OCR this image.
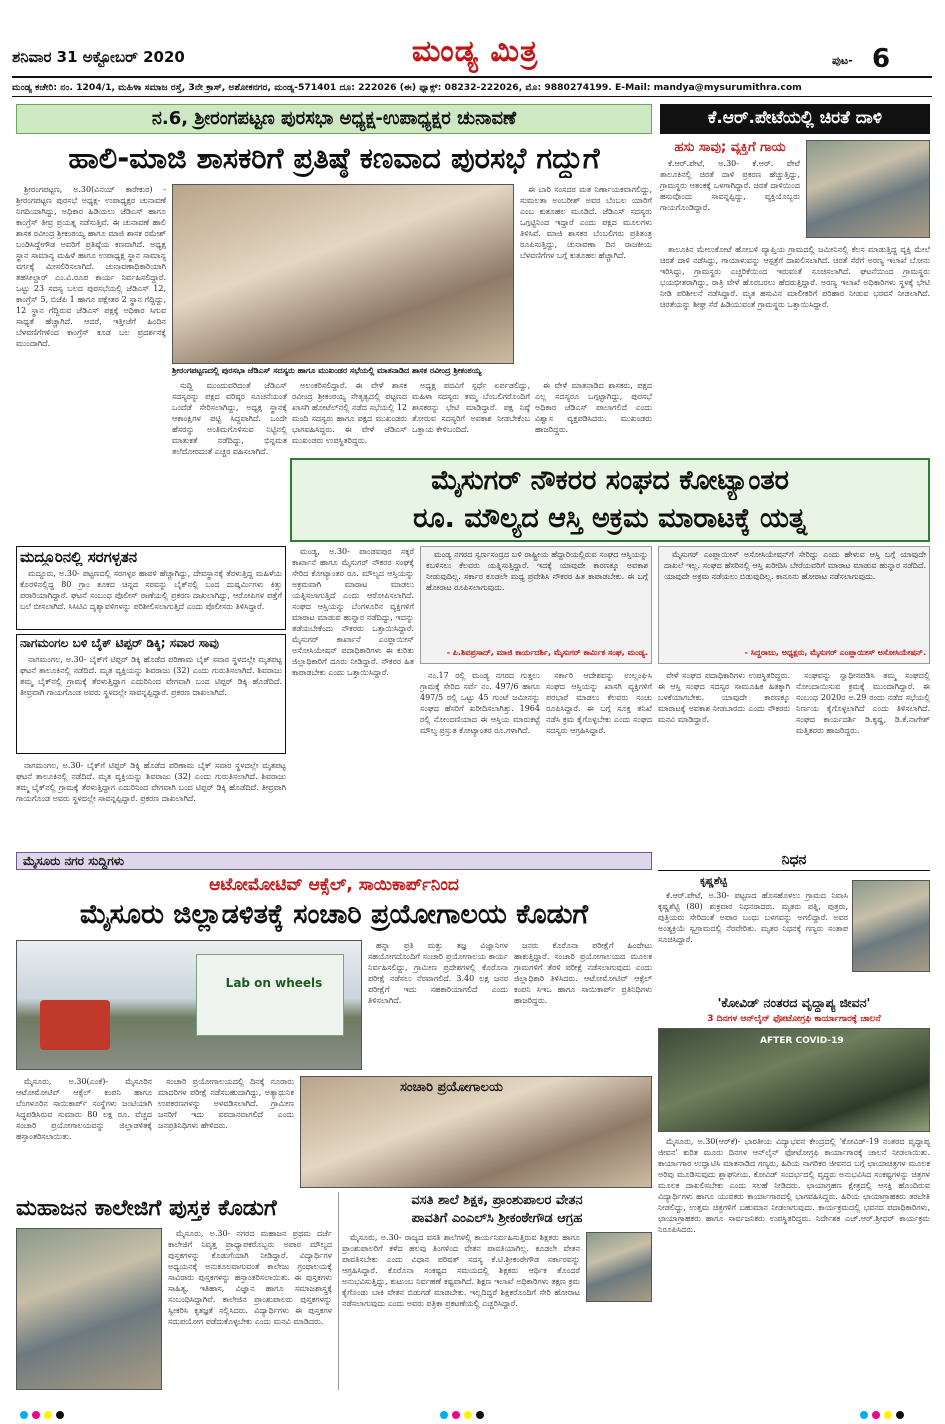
ಶನಿವಾರ 31 ಅಕ್ಟೋಬರ್ 2020	ಮಂಡ್ಯ ಮಿತ್ರ	ಪುಟ- 6
ಮಂಡ್ಯ ಕಚೇರಿ: ನಂ. 1204/1, ಮಹಿಳಾ ಸಮಾಜ ರಸ್ತೆ, 3ನೇ ಕ್ರಾಸ್, ಅಶೋಕನಗರ, ಮಂಡ್ಯ-571401 ದೂ: 222026 (ಈ) ಫ್ಯಾಕ್ಸ್: 08232-222026, ಮೊ: 9880274199. E-Mail: mandya@mysurumithra.com
ನ.6, ಶ್ರೀರಂಗಪಟ್ಟಣ ಪುರಸಭಾ ಅಧ್ಯಕ್ಷ-ಉಪಾಧ್ಯಕ್ಷರ ಚುನಾವಣೆ
ಹಾಲಿ-ಮಾಜಿ ಶಾಸಕರಿಗೆ ಪ್ರತಿಷ್ಠೆ ಕಣವಾದ ಪುರಸಭೆ ಗದ್ದುಗೆ

ಶ್ರೀರಂಗಪಟ್ಟಣ, ಅ.30(ವಿನಯ್ ಕಾರೇಕುರ) - ಶ್ರೀರಂಗಪಟ್ಟಣ ಪುರಸಭೆ ಅಧ್ಯಕ್ಷ- ಉಪಾಧ್ಯಕ್ಷರ ಚುನಾವಣೆ ನಿಗದಿಯಾಗಿದ್ದು, ಅಧಿಕಾರ ಹಿಡಿಯಲು ಜೆಡಿಎಸ್ ಹಾಗೂ ಕಾಂಗ್ರೆಸ್ ತೀವ್ರ ಪ್ರಯತ್ನ ನಡೆಸುತ್ತಿವೆ. ಈ ಚುನಾವಣೆ ಹಾಲಿ ಶಾಸಕ ರವೀಂದ್ರ ಶ್ರೀಕಂಠಯ್ಯ ಹಾಗೂ ಮಾಜಿ ಶಾಸಕ ರಮೇಶ್ ಬಂಡಿಸಿದ್ದೇಗೌಡ ಅವರಿಗೆ ಪ್ರತಿಷ್ಠೆಯ ಕಣವಾಗಿದೆ. ಅಧ್ಯಕ್ಷ ಸ್ಥಾನ ಸಾಮಾನ್ಯ ಮಹಿಳೆ ಹಾಗೂ ಉಪಾಧ್ಯಕ್ಷ ಸ್ಥಾನ ಸಾಮಾನ್ಯ ವರ್ಗಕ್ಕೆ ಮೀಸಲಿರಿಸಲಾಗಿದೆ. ಚುನಾವಣಾಧಿಕಾರಿಯಾಗಿ ತಹಸೀಲ್ದಾರ್ ಎಂ.ವಿ.ರೂಪ ಕಾರ್ಯ ನಿರ್ವಹಿಸಲಿದ್ದಾರೆ. ಒಟ್ಟು 23 ಸದಸ್ಯ ಬಲದ ಪುರಸಭೆಯಲ್ಲಿ ಜೆಡಿಎಸ್ 12, ಕಾಂಗ್ರೆಸ್ 5, ಬಿಜೆಪಿ 1 ಹಾಗೂ ಪಕ್ಷೇತರ 2 ಸ್ಥಾನ ಗೆದ್ದಿದ್ದು, 12 ಸ್ಥಾನ ಗೆದ್ದಿರುವ ಜೆಡಿಎಸ್ ಪಕ್ಷಕ್ಕೆ ಅಧಿಕಾರ ಸಿಗುವ ಸಾಧ್ಯತೆ ಹೆಚ್ಚಾಗಿದೆ. ಆದರೆ, ಇತ್ತೀಚೆಗೆ ಹಿಂದಿನ ಬೆಳವಣಿಗೆಗಳಿಂದ ಕಾಂಗ್ರೆಸ್ ಕೂಡ ಬಲ ಪ್ರದರ್ಶನಕ್ಕೆ ಮುಂದಾಗಿದೆ.

ಶ್ರೀರಂಗಪಟ್ಟಣದಲ್ಲಿ ಪುರಸಭಾ ಜೆಡಿಎಸ್ ಸದಸ್ಯರು ಹಾಗೂ ಮುಖಂಡರ ಸಭೆಯಲ್ಲಿ ಮಾತನಾಡಿದ ಶಾಸಕ ರವೀಂದ್ರ ಶ್ರೀಕಂಠಯ್ಯ

ಈ ಬಾರಿ ಸಂಸದರ ಮತ ನಿರ್ಣಾಯಕವಾಗಲಿದ್ದು, ಸುಮಲತಾ ಅಂಬರೀಶ್ ಅವರ ಬೆಂಬಲ ಯಾರಿಗೆ ಎಂಬ ಕುತೂಹಲ ಮೂಡಿದೆ. ಜೆಡಿಎಸ್ ಸದಸ್ಯರು ಒಗ್ಗಟ್ಟಿನಿಂದ ಇದ್ದಾರೆ ಎಂದು ಪಕ್ಷದ ಮೂಲಗಳು ತಿಳಿಸಿವೆ. ಮಾಜಿ ಶಾಸಕರ ಬೆಂಬಲಿಗರು ಪ್ರತಿತಂತ್ರ ರೂಪಿಸುತ್ತಿದ್ದು, ಚುನಾವಣಾ ದಿನ ರಾಜಕೀಯ ಬೆಳವಣಿಗೆಗಳ ಬಗ್ಗೆ ಕುತೂಹಲ ಹೆಚ್ಚಾಗಿದೆ.

ಸುದ್ದಿ ಮುಂದುವರಿದಂತೆ ಜೆಡಿಎಸ್ ಸದಸ್ಯರನ್ನು ಪಕ್ಷದ ವರಿಷ್ಠರ ಸೂಚನೆಯಂತೆ ಒಂದೆಡೆ ಸೇರಿಸಲಾಗಿದ್ದು, ಅಧ್ಯಕ್ಷ ಸ್ಥಾನಕ್ಕೆ ಆಕಾಂಕ್ಷಿಗಳ ಪಟ್ಟಿ ಸಿದ್ಧವಾಗಿದೆ. ಒಂದೇ ಹೆಸರನ್ನು ಅಂತಿಮಗೊಳಿಸುವ ನಿಟ್ಟಿನಲ್ಲಿ ಮಾತುಕತೆ ನಡೆದಿದ್ದು, ಭಿನ್ನಮತ ತಲೆದೋರದಂತೆ ಎಚ್ಚರ ವಹಿಸಲಾಗಿದೆ.

ಅಲಂಕರಿಸಲಿದ್ದಾರೆ. ಈ ವೇಳೆ ಶಾಸಕ ರವೀಂದ್ರ ಶ್ರೀಕಂಠಯ್ಯ ನೇತೃತ್ವದಲ್ಲಿ ಪಟ್ಟಣದ ಖಾಸಗಿ ಹೋಟೆಲ್‌ನಲ್ಲಿ ನಡೆದ ಸಭೆಯಲ್ಲಿ 12 ಮಂದಿ ಸದಸ್ಯರು ಹಾಗೂ ಪಕ್ಷದ ಮುಖಂಡರು ಭಾಗವಹಿಸಿದ್ದರು. ಈ ವೇಳೆ ಜೆಡಿಎಸ್ ಮುಖಂಡರು ಉಪಸ್ಥಿತರಿದ್ದರು.

ಅಧ್ಯಕ್ಷ ಪದವಿಗೆ ಸ್ಪರ್ಧೆ ಏರ್ಪಡಲಿದ್ದು, ಮಹಿಳಾ ಸದಸ್ಯರು ತಮ್ಮ ಬೆಂಬಲಿಗರೊಂದಿಗೆ ಶಾಸಕರನ್ನು ಭೇಟಿ ಮಾಡಿದ್ದಾರೆ. ಪಕ್ಷ ನಿಷ್ಠೆ ತೋರುವ ಸದಸ್ಯರಿಗೆ ಅವಕಾಶ ನೀಡಬೇಕೆಂಬ ಒತ್ತಾಯ ಕೇಳಿಬಂದಿದೆ.

ಈ ವೇಳೆ ಮಾತನಾಡಿದ ಶಾಸಕರು, ಪಕ್ಷದ ಎಲ್ಲ ಸದಸ್ಯರೂ ಒಗ್ಗಟ್ಟಾಗಿದ್ದು, ಪುರಸಭೆ ಅಧಿಕಾರ ಜೆಡಿಎಸ್ ಪಾಲಾಗಲಿದೆ ಎಂದು ವಿಶ್ವಾಸ ವ್ಯಕ್ತಪಡಿಸಿದರು. ಮುಖಂಡರು ಹಾಜರಿದ್ದರು.

ಕೆ.ಆರ್.ಪೇಟೆಯಲ್ಲಿ ಚಿರತೆ ದಾಳಿ
ಹಸು ಸಾವು; ವ್ಯಕ್ತಿಗೆ ಗಾಯ

ಕೆ.ಆರ್.ಪೇಟೆ, ಅ.30- ಕೆ.ಆರ್. ಪೇಟೆ ತಾಲೂಕಿನಲ್ಲಿ ಚಿರತೆ ದಾಳಿ ಪ್ರಕರಣ ಹೆಚ್ಚುತ್ತಿದ್ದು, ಗ್ರಾಮಸ್ಥರು ಆತಂಕಕ್ಕೆ ಒಳಗಾಗಿದ್ದಾರೆ. ಚಿರತೆ ದಾಳಿಯಿಂದ ಹಸುವೊಂದು ಸಾವನ್ನಪ್ಪಿದ್ದು, ವ್ಯಕ್ತಿಯೊಬ್ಬರು ಗಾಯಗೊಂಡಿದ್ದಾರೆ.

ತಾಲೂಕಿನ ಮೇಲುಕೋಟೆ ಹೋಬಳಿ ವ್ಯಾಪ್ತಿಯ ಗ್ರಾಮದಲ್ಲಿ ಜಮೀನಿನಲ್ಲಿ ಕೆಲಸ ಮಾಡುತ್ತಿದ್ದ ವ್ಯಕ್ತಿ ಮೇಲೆ ಚಿರತೆ ದಾಳಿ ನಡೆಸಿದ್ದು, ಗಾಯಾಳುವನ್ನು ಆಸ್ಪತ್ರೆಗೆ ದಾಖಲಿಸಲಾಗಿದೆ. ಚಿರತೆ ಸೆರೆಗೆ ಅರಣ್ಯ ಇಲಾಖೆ ಬೋನು ಇರಿಸಿದ್ದು, ಗ್ರಾಮಸ್ಥರು ಎಚ್ಚರಿಕೆಯಿಂದ ಇರುವಂತೆ ಸೂಚಿಸಲಾಗಿದೆ. ಘಟನೆಯಿಂದ ಗ್ರಾಮಸ್ಥರು ಭಯಭೀತರಾಗಿದ್ದು, ರಾತ್ರಿ ವೇಳೆ ಹೊರಬರಲು ಹೆದರುತ್ತಿದ್ದಾರೆ. ಅರಣ್ಯ ಇಲಾಖೆ ಅಧಿಕಾರಿಗಳು ಸ್ಥಳಕ್ಕೆ ಭೇಟಿ ನೀಡಿ ಪರಿಶೀಲನೆ ನಡೆಸಿದ್ದಾರೆ. ಮೃತ ಹಸುವಿನ ಮಾಲೀಕರಿಗೆ ಪರಿಹಾರ ನೀಡುವ ಭರವಸೆ ನೀಡಲಾಗಿದೆ. ಚಿರತೆಯನ್ನು ಶೀಘ್ರ ಸೆರೆ ಹಿಡಿಯುವಂತೆ ಗ್ರಾಮಸ್ಥರು ಒತ್ತಾಯಿಸಿದ್ದಾರೆ.

ಮೈಸುಗರ್ ನೌಕರರ ಸಂಘದ ಕೋಟ್ಯಾಂತರ
ರೂ. ಮೌಲ್ಯದ ಆಸ್ತಿ ಅಕ್ರಮ ಮಾರಾಟಕ್ಕೆ ಯತ್ನ
ಮದ್ದೂರಿನಲ್ಲಿ ಸರಗಳ್ಳತನ

ಮದ್ದೂರು, ಅ.30- ಪಟ್ಟಣದಲ್ಲಿ ಸರಗಳ್ಳರ ಹಾವಳಿ ಹೆಚ್ಚಾಗಿದ್ದು, ದೇವಸ್ಥಾನಕ್ಕೆ ತೆರಳುತ್ತಿದ್ದ ಮಹಿಳೆಯ ಕೊರಳಿನಲ್ಲಿದ್ದ 80 ಗ್ರಾಂ ತೂಕದ ಚಿನ್ನದ ಸರವನ್ನು ಬೈಕ್‌ನಲ್ಲಿ ಬಂದ ದುಷ್ಕರ್ಮಿಗಳು ಕಿತ್ತು ಪರಾರಿಯಾಗಿದ್ದಾರೆ. ಘಟನೆ ಸಂಬಂಧ ಪೊಲೀಸ್ ಠಾಣೆಯಲ್ಲಿ ಪ್ರಕರಣ ದಾಖಲಾಗಿದ್ದು, ಆರೋಪಿಗಳ ಪತ್ತೆಗೆ ಬಲೆ ಬೀಸಲಾಗಿದೆ. ಸಿಸಿಟಿವಿ ದೃಶ್ಯಾವಳಿಗಳನ್ನು ಪರಿಶೀಲಿಸಲಾಗುತ್ತಿದೆ ಎಂದು ಪೊಲೀಸರು ತಿಳಿಸಿದ್ದಾರೆ.

ನಾಗಮಂಗಲ ಬಳಿ ಬೈಕ್ ಟಿಪ್ಪರ್ ಡಿಕ್ಕಿ; ಸವಾರ ಸಾವು

ನಾಗಮಂಗಲ, ಅ.30- ಬೈಕ್‌ಗೆ ಟಿಪ್ಪರ್ ಡಿಕ್ಕಿ ಹೊಡೆದ ಪರಿಣಾಮ ಬೈಕ್ ಸವಾರ ಸ್ಥಳದಲ್ಲೇ ಮೃತಪಟ್ಟ ಘಟನೆ ತಾಲೂಕಿನಲ್ಲಿ ನಡೆದಿದೆ. ಮೃತ ವ್ಯಕ್ತಿಯನ್ನು ಶಿವರಾಜು (32) ಎಂದು ಗುರುತಿಸಲಾಗಿದೆ. ಶಿವರಾಜು ತಮ್ಮ ಬೈಕ್‌ನಲ್ಲಿ ಗ್ರಾಮಕ್ಕೆ ತೆರಳುತ್ತಿದ್ದಾಗ ಎದುರಿನಿಂದ ವೇಗವಾಗಿ ಬಂದ ಟಿಪ್ಪರ್ ಡಿಕ್ಕಿ ಹೊಡೆದಿದೆ. ತೀವ್ರವಾಗಿ ಗಾಯಗೊಂಡ ಅವರು ಸ್ಥಳದಲ್ಲೇ ಸಾವನ್ನಪ್ಪಿದ್ದಾರೆ. ಪ್ರಕರಣ ದಾಖಲಾಗಿದೆ.

ಮಂಡ್ಯ, ಅ.30- ಪಾಂಡವಪುರ ಸಕ್ಕರೆ ಕಾರ್ಖಾನೆ ಹಾಗೂ ಮೈಸುಗರ್ ನೌಕರರ ಸಂಘಕ್ಕೆ ಸೇರಿದ ಕೋಟ್ಯಾಂತರ ರೂ. ಮೌಲ್ಯದ ಆಸ್ತಿಯನ್ನು ಅಕ್ರಮವಾಗಿ ಮಾರಾಟ ಮಾಡಲು ಯತ್ನಿಸಲಾಗುತ್ತಿದೆ ಎಂದು ಆರೋಪಿಸಲಾಗಿದೆ. ಸಂಘದ ಆಸ್ತಿಯನ್ನು ಬೆಂಗಳೂರಿನ ವ್ಯಕ್ತಿಗಳಿಗೆ ಮಾರಾಟ ಮಾಡುವ ಹುನ್ನಾರ ನಡೆದಿದ್ದು, ಇದನ್ನು ತಡೆಯಬೇಕೆಂದು ನೌಕರರು ಒತ್ತಾಯಿಸಿದ್ದಾರೆ. ಮೈಸುಗರ್ ಕಾರ್ಖಾನೆ ಎಂಪ್ಲಾಯೀಸ್ ಅಸೋಸಿಯೇಷನ್ ಪದಾಧಿಕಾರಿಗಳು ಈ ಕುರಿತು ಜಿಲ್ಲಾಧಿಕಾರಿಗೆ ದೂರು ನೀಡಿದ್ದಾರೆ. ನೌಕರರ ಹಿತ ಕಾಪಾಡಬೇಕು ಎಂದು ಒತ್ತಾಯಿಸಿದ್ದಾರೆ.

ಮಂಡ್ಯ ನಗರದ ಸ್ವರ್ಣಸಂದ್ರದ ಬಳಿ ರಾಷ್ಟ್ರೀಯ ಹೆದ್ದಾರಿಯಲ್ಲಿರುವ ಸಂಘದ ಆಸ್ತಿಯನ್ನು ಕಬಳಿಸಲು ಕೆಲವರು ಯತ್ನಿಸುತ್ತಿದ್ದಾರೆ. ಇದಕ್ಕೆ ಯಾವುದೇ ಕಾರಣಕ್ಕೂ ಅವಕಾಶ ನೀಡುವುದಿಲ್ಲ. ಸರ್ಕಾರ ಕೂಡಲೇ ಮಧ್ಯ ಪ್ರವೇಶಿಸಿ ನೌಕರರ ಹಿತ ಕಾಪಾಡಬೇಕು. ಈ ಬಗ್ಗೆ ಹೋರಾಟ ರೂಪಿಸಲಾಗುವುದು.

- ಪಿ.ಶಿವಪ್ರಸಾದ್, ಮಾಜಿ ಕಾರ್ಯದರ್ಶಿ, ಮೈಸುಗರ್ ಕಾರ್ಮಿಕ ಸಂಘ, ಮಂಡ್ಯ.

ಮೈಸುಗರ್ ಎಂಪ್ಲಾಯೀಸ್ ಅಸೋಸಿಯೇಷನ್‌ಗೆ ಸೇರಿದ್ದು ಎಂದು ಹೇಳುವ ಆಸ್ತಿ ಬಗ್ಗೆ ಯಾವುದೇ ದಾಖಲೆ ಇಲ್ಲ. ಸಂಘದ ಹೆಸರಿನಲ್ಲಿ ಆಸ್ತಿ ಖರೀದಿಸಿ ಬೇರೆಯವರಿಗೆ ಮಾರಾಟ ಮಾಡುವ ಹುನ್ನಾರ ನಡೆದಿದೆ. ಯಾವುದೇ ಅಕ್ರಮ ನಡೆಯಲು ಬಿಡುವುದಿಲ್ಲ. ಕಾನೂನು ಹೋರಾಟ ನಡೆಸಲಾಗುವುದು.

- ಸಿದ್ದರಾಜು, ಅಧ್ಯಕ್ಷರು, ಮೈಸುಗರ್ ಎಂಪ್ಲಾಯೀಸ್ ಅಸೋಸಿಯೇಷನ್.

ನಂ.17 ರಲ್ಲಿ ಮಂಡ್ಯ ನಗರದ ಗುತ್ತಲು ಗ್ರಾಮಕ್ಕೆ ಸೇರಿದ ಸರ್ವೆ ನಂ. 497/6 ಹಾಗೂ 497/5 ರಲ್ಲಿ ಒಟ್ಟು 45 ಗುಂಟೆ ಜಮೀನನ್ನು ಸಂಘದ ಹೆಸರಿಗೆ ಖರೀದಿಸಲಾಗಿತ್ತು. 1964 ರಲ್ಲಿ ನೋಂದಣಿಯಾದ ಈ ಆಸ್ತಿಯ ಮಾರುಕಟ್ಟೆ ಮೌಲ್ಯ ಪ್ರಸ್ತುತ ಕೋಟ್ಯಾಂತರ ರೂ.ಗಳಾಗಿದೆ.

ಸರ್ಕಾರಿ ಆದೇಶವನ್ನು ಉಲ್ಲಂಘಿಸಿ ಸಂಘದ ಆಸ್ತಿಯನ್ನು ಖಾಸಗಿ ವ್ಯಕ್ತಿಗಳಿಗೆ ಪರಭಾರೆ ಮಾಡಲು ಕೆಲವರು ಸಂಚು ರೂಪಿಸಿದ್ದಾರೆ. ಈ ಬಗ್ಗೆ ಸೂಕ್ತ ತನಿಖೆ ನಡೆಸಿ ಕ್ರಮ ಕೈಗೊಳ್ಳಬೇಕು ಎಂದು ಸಂಘದ ಸದಸ್ಯರು ಆಗ್ರಹಿಸಿದ್ದಾರೆ.

ವೇಳೆ ಸಂಘದ ಪದಾಧಿಕಾರಿಗಳು ಉಪಸ್ಥಿತರಿದ್ದರು. ಈ ಆಸ್ತಿ ಸಂಘದ ಸದಸ್ಯರ ಸಾಮೂಹಿಕ ಹಿತಕ್ಕಾಗಿ ಬಳಕೆಯಾಗಬೇಕು. ಯಾವುದೇ ಕಾರಣಕ್ಕೂ ಮಾರಾಟಕ್ಕೆ ಅವಕಾಶ ನೀಡಬಾರದು ಎಂದು ನೌಕರರು ಮನವಿ ಮಾಡಿದ್ದಾರೆ.

ಸಂಘವನ್ನು ಸ್ವಾಧೀನಪಡಿಸಿ ತಮ್ಮ ಸಂಘದಲ್ಲಿ ನೋಂದಾಯಿಸುವ ಕ್ರಮಕ್ಕೆ ಮುಂದಾಗಿದ್ದಾರೆ. ಈ ಸಂಬಂಧ 2020ರ ಅ.29 ರಂದು ನಡೆದ ಸಭೆಯಲ್ಲಿ ನಿರ್ಣಯ ಕೈಗೊಳ್ಳಲಾಗಿದೆ ಎಂದು ತಿಳಿಸಲಾಗಿದೆ. ಸಂಘದ ಕಾರ್ಯದರ್ಶಿ ಡಿ.ಕೃಷ್ಣ, ಡಿ.ಕೆ.ನಾಗೇಶ್ ಮತ್ತಿತರರು ಹಾಜರಿದ್ದರು.

ನಾಗಮಂಗಲ, ಅ.30- ಬೈಕ್‌ಗೆ ಟಿಪ್ಪರ್ ಡಿಕ್ಕಿ ಹೊಡೆದ ಪರಿಣಾಮ ಬೈಕ್ ಸವಾರ ಸ್ಥಳದಲ್ಲೇ ಮೃತಪಟ್ಟ ಘಟನೆ ತಾಲೂಕಿನಲ್ಲಿ ನಡೆದಿದೆ. ಮೃತ ವ್ಯಕ್ತಿಯನ್ನು ಶಿವರಾಜು (32) ಎಂದು ಗುರುತಿಸಲಾಗಿದೆ. ಶಿವರಾಜು ತಮ್ಮ ಬೈಕ್‌ನಲ್ಲಿ ಗ್ರಾಮಕ್ಕೆ ತೆರಳುತ್ತಿದ್ದಾಗ ಎದುರಿನಿಂದ ವೇಗವಾಗಿ ಬಂದ ಟಿಪ್ಪರ್ ಡಿಕ್ಕಿ ಹೊಡೆದಿದೆ. ತೀವ್ರವಾಗಿ ಗಾಯಗೊಂಡ ಅವರು ಸ್ಥಳದಲ್ಲೇ ಸಾವನ್ನಪ್ಪಿದ್ದಾರೆ. ಪ್ರಕರಣ ದಾಖಲಾಗಿದೆ.

ಮೈಸೂರು ನಗರ ಸುದ್ದಿಗಳು
ಆಟೋಮೋಟಿವ್ ಆಕ್ಸೆಲ್, ಸಾಯಿಕಾರ್ಪ್‌ನಿಂದ
ಮೈಸೂರು ಜಿಲ್ಲಾಡಳಿತಕ್ಕೆ ಸಂಚಾರಿ ಪ್ರಯೋಗಾಲಯ ಕೊಡುಗೆ
Lab on wheels

ಹನ್ನಾ ಪ್ರತಿ ಮತ್ತು ತಜ್ಞ ವಿಜ್ಞಾನಿಗಳ ಸಹಯೋಗದೊಂದಿಗೆ ಸಂಚಾರಿ ಪ್ರಯೋಗಾಲಯ ಕಾರ್ಯ ನಿರ್ವಹಿಸಲಿದ್ದು, ಗ್ರಾಮೀಣ ಪ್ರದೇಶಗಳಲ್ಲಿ ಕೊರೊನಾ ಪರೀಕ್ಷೆ ನಡೆಸಲು ನೆರವಾಗಲಿದೆ. 3.40 ಲಕ್ಷ ಜನರ ಪರೀಕ್ಷೆಗೆ ಇದು ಸಹಕಾರಿಯಾಗಲಿದೆ ಎಂದು ತಿಳಿಸಲಾಗಿದೆ.

ಜನರು ಕೊರೊನಾ ಪರೀಕ್ಷೆಗೆ ಹಿಂದೇಟು ಹಾಕುತ್ತಿದ್ದಾರೆ. ಸಂಚಾರಿ ಪ್ರಯೋಗಾಲಯದ ಮೂಲಕ ಗ್ರಾಮಗಳಿಗೆ ತೆರಳಿ ಪರೀಕ್ಷೆ ನಡೆಸಲಾಗುವುದು ಎಂದು ಜಿಲ್ಲಾಧಿಕಾರಿ ತಿಳಿಸಿದರು. ಆಟೋಮೋಟಿವ್ ಆಕ್ಸೆಲ್ ಕಂಪನಿ ಸಿಇಒ ಹಾಗೂ ಸಾಯಿಕಾರ್ಪ್ ಪ್ರತಿನಿಧಿಗಳು ಹಾಜರಿದ್ದರು.

ಮೈಸೂರು, ಅ.30(ಎಂಕೆ)- ಮೈಸೂರಿನ ಆಟೋಮೋಟಿವ್ ಆಕ್ಸೆಲ್ ಕಂಪನಿ ಹಾಗೂ ಬೆಂಗಳೂರಿನ ಸಾಯಿಕಾರ್ಪ್ ಸಂಸ್ಥೆಗಳು ಜಂಟಿಯಾಗಿ ಸಿದ್ಧಪಡಿಸಿರುವ ಸುಮಾರು 80 ಲಕ್ಷ ರೂ. ವೆಚ್ಚದ ಸಂಚಾರಿ ಪ್ರಯೋಗಾಲಯವನ್ನು ಜಿಲ್ಲಾಡಳಿತಕ್ಕೆ ಹಸ್ತಾಂತರಿಸಲಾಯಿತು.

ಸಂಚಾರಿ ಪ್ರಯೋಗಾಲಯದಲ್ಲಿ ದಿನಕ್ಕೆ ನೂರಾರು ಮಾದರಿಗಳ ಪರೀಕ್ಷೆ ನಡೆಸಬಹುದಾಗಿದ್ದು, ಅತ್ಯಾಧುನಿಕ ಉಪಕರಣಗಳನ್ನು ಅಳವಡಿಸಲಾಗಿದೆ. ಗ್ರಾಮೀಣ ಜನರಿಗೆ ಇದು ವರದಾನವಾಗಲಿದೆ ಎಂದು ಜನಪ್ರತಿನಿಧಿಗಳು ಹೇಳಿದರು.

ಸಂಚಾರಿ ಪ್ರಯೋಗಾಲಯ
ನಿಧನ
ಕೃಷ್ಣಶೆಟ್ಟಿ

ಕೆ.ಆರ್.ಪೇಟೆ, ಅ.30- ಪಟ್ಟಣದ ಹೊಸಹೊಳಲು ಗ್ರಾಮದ ನಿವಾಸಿ ಕೃಷ್ಣಶೆಟ್ಟಿ (80) ಶುಕ್ರವಾರ ನಿಧನರಾದರು. ಮೃತರು ಪತ್ನಿ, ಪುತ್ರರು, ಪುತ್ರಿಯರು ಸೇರಿದಂತೆ ಅಪಾರ ಬಂಧು ಬಳಗವನ್ನು ಅಗಲಿದ್ದಾರೆ. ಅವರ ಅಂತ್ಯಕ್ರಿಯೆ ಸ್ವಗ್ರಾಮದಲ್ಲಿ ನೆರವೇರಿತು. ಮೃತರ ನಿಧನಕ್ಕೆ ಗಣ್ಯರು ಸಂತಾಪ ಸೂಚಿಸಿದ್ದಾರೆ.

'ಕೋವಿಡ್ ನಂತರದ ವೃದ್ಧಾಪ್ಯ ಜೀವನ'
3 ದಿನಗಳ ಆನ್‌ಲೈನ್ ಫೋಟೋಗ್ರಫಿ ಕಾರ್ಯಾಗಾರಕ್ಕೆ ಚಾಲನೆ
AFTER COVID-19

ಮೈಸೂರು, ಅ.30(ಆರ್‌ಕೆ)- ಭಾರತೀಯ ವಿದ್ಯಾಭವನ ಕೇಂದ್ರದಲ್ಲಿ 'ಕೋವಿಡ್-19 ನಂತರದ ವೃದ್ಧಾಪ್ಯ ಜೀವನ' ಕುರಿತ ಮೂರು ದಿನಗಳ ಆನ್‌ಲೈನ್ ಫೋಟೋಗ್ರಫಿ ಕಾರ್ಯಾಗಾರಕ್ಕೆ ಚಾಲನೆ ನೀಡಲಾಯಿತು. ಕಾರ್ಯಾಗಾರ ಉದ್ಘಾಟಿಸಿ ಮಾತನಾಡಿದ ಗಣ್ಯರು, ಹಿರಿಯ ನಾಗರಿಕರ ಜೀವನದ ಬಗ್ಗೆ ಛಾಯಾಚಿತ್ರಗಳ ಮೂಲಕ ಅರಿವು ಮೂಡಿಸುವುದು ಶ್ಲಾಘನೀಯ. ಕೋವಿಡ್ ಸಂದರ್ಭದಲ್ಲಿ ವೃದ್ಧರು ಅನುಭವಿಸಿದ ಸಂಕಷ್ಟಗಳನ್ನು ಚಿತ್ರಗಳ ಮೂಲಕ ದಾಖಲಿಸಬೇಕು ಎಂದು ಸಲಹೆ ನೀಡಿದರು. ಛಾಯಾಗ್ರಹಣ ಕ್ಷೇತ್ರದಲ್ಲಿ ಆಸಕ್ತಿ ಹೊಂದಿರುವ ವಿದ್ಯಾರ್ಥಿಗಳು ಹಾಗೂ ಯುವಕರು ಕಾರ್ಯಾಗಾರದಲ್ಲಿ ಭಾಗವಹಿಸಿದ್ದರು. ಹಿರಿಯ ಛಾಯಾಗ್ರಾಹಕರು ತರಬೇತಿ ನೀಡಲಿದ್ದು, ಉತ್ತಮ ಚಿತ್ರಗಳಿಗೆ ಬಹುಮಾನ ನೀಡಲಾಗುವುದು. ಕಾರ್ಯಕ್ರಮದಲ್ಲಿ ಭವನದ ಪದಾಧಿಕಾರಿಗಳು, ಛಾಯಾಗ್ರಾಹಕರು ಹಾಗೂ ಸಾರ್ವಜನಿಕರು ಉಪಸ್ಥಿತರಿದ್ದರು. ನಿರ್ದೇಶಕ ಎಚ್.ಆರ್.ಶ್ರೀಧರ್ ಕಾರ್ಯಕ್ರಮ ನಿರೂಪಿಸಿದರು.

ಮಹಾಜನ ಕಾಲೇಜಿಗೆ ಪುಸ್ತಕ ಕೊಡುಗೆ

ಮೈಸೂರು, ಅ.30- ನಗರದ ಮಹಾಜನ ಪ್ರಥಮ ದರ್ಜೆ ಕಾಲೇಜಿಗೆ ನಿವೃತ್ತ ಪ್ರಾಧ್ಯಾಪಕರೊಬ್ಬರು ಅಪಾರ ಮೌಲ್ಯದ ಪುಸ್ತಕಗಳನ್ನು ಕೊಡುಗೆಯಾಗಿ ನೀಡಿದ್ದಾರೆ. ವಿದ್ಯಾರ್ಥಿಗಳ ಅಧ್ಯಯನಕ್ಕೆ ಅನುಕೂಲವಾಗುವಂತೆ ಕಾಲೇಜು ಗ್ರಂಥಾಲಯಕ್ಕೆ ಸಾವಿರಾರು ಪುಸ್ತಕಗಳನ್ನು ಹಸ್ತಾಂತರಿಸಲಾಯಿತು. ಈ ಪುಸ್ತಕಗಳು ಸಾಹಿತ್ಯ, ಇತಿಹಾಸ, ವಿಜ್ಞಾನ ಹಾಗೂ ಸಮಾಜಶಾಸ್ತ್ರಕ್ಕೆ ಸಂಬಂಧಿಸಿದ್ದಾಗಿವೆ. ಕಾಲೇಜಿನ ಪ್ರಾಂಶುಪಾಲರು ಪುಸ್ತಕಗಳನ್ನು ಸ್ವೀಕರಿಸಿ ಕೃತಜ್ಞತೆ ಸಲ್ಲಿಸಿದರು. ವಿದ್ಯಾರ್ಥಿಗಳು ಈ ಪುಸ್ತಕಗಳ ಸದುಪಯೋಗ ಪಡೆದುಕೊಳ್ಳಬೇಕು ಎಂದು ಮನವಿ ಮಾಡಿದರು.

ವಸತಿ ಶಾಲೆ ಶಿಕ್ಷಕ, ಪ್ರಾಂಶುಪಾಲರ ವೇತನ
ಪಾವತಿಗೆ ಎಂಎಲ್‌ಸಿ ಶ್ರೀಕಂಠೇಗೌಡ ಆಗ್ರಹ

ಮೈಸೂರು, ಅ.30- ರಾಜ್ಯದ ವಸತಿ ಶಾಲೆಗಳಲ್ಲಿ ಕಾರ್ಯನಿರ್ವಹಿಸುತ್ತಿರುವ ಶಿಕ್ಷಕರು ಹಾಗೂ ಪ್ರಾಂಶುಪಾಲರಿಗೆ ಕಳೆದ ಹಲವು ತಿಂಗಳಿಂದ ವೇತನ ಪಾವತಿಯಾಗಿಲ್ಲ. ಕೂಡಲೇ ವೇತನ ಪಾವತಿಸಬೇಕು ಎಂದು ವಿಧಾನ ಪರಿಷತ್ ಸದಸ್ಯ ಕೆ.ಟಿ.ಶ್ರೀಕಂಠೇಗೌಡ ಸರ್ಕಾರವನ್ನು ಆಗ್ರಹಿಸಿದ್ದಾರೆ. ಕೊರೊನಾ ಸಂಕಷ್ಟದ ಸಮಯದಲ್ಲಿ ಶಿಕ್ಷಕರು ಆರ್ಥಿಕ ತೊಂದರೆ ಅನುಭವಿಸುತ್ತಿದ್ದು, ಕುಟುಂಬ ನಿರ್ವಹಣೆ ಕಷ್ಟವಾಗಿದೆ. ಶಿಕ್ಷಣ ಇಲಾಖೆ ಅಧಿಕಾರಿಗಳು ತಕ್ಷಣ ಕ್ರಮ ಕೈಗೊಂಡು ಬಾಕಿ ವೇತನ ಬಿಡುಗಡೆ ಮಾಡಬೇಕು. ಇಲ್ಲದಿದ್ದರೆ ಶಿಕ್ಷಕರೊಂದಿಗೆ ಸೇರಿ ಹೋರಾಟ ನಡೆಸಲಾಗುವುದು ಎಂದು ಅವರು ಪತ್ರಿಕಾ ಪ್ರಕಟಣೆಯಲ್ಲಿ ಎಚ್ಚರಿಸಿದ್ದಾರೆ.
